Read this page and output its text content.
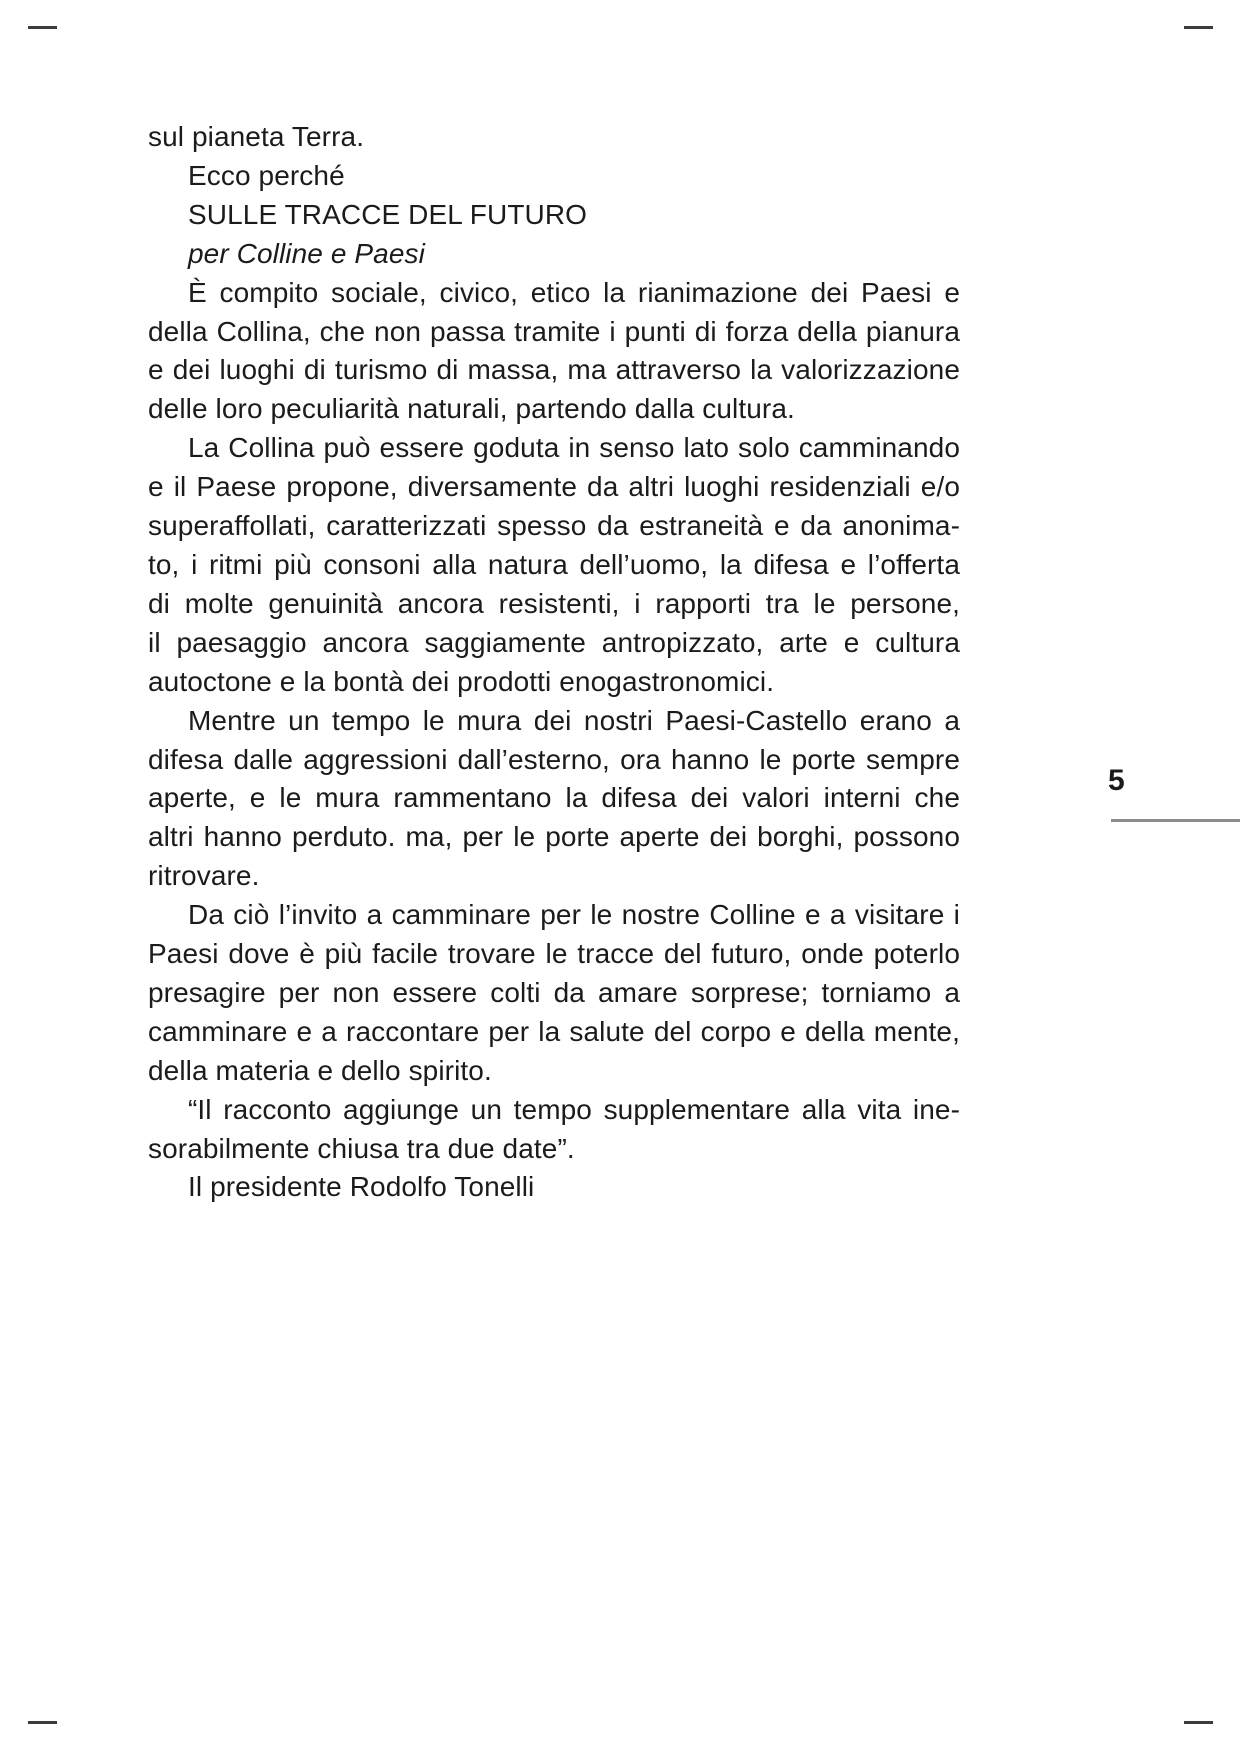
sul pianeta Terra.
Ecco perché
SULLE TRACCE DEL FUTURO
per Colline e Paesi
È compito sociale, civico, etico la rianimazione dei Paesi e
della Collina, che non passa tramite i punti di forza della pianura
e dei luoghi di turismo di massa, ma attraverso la valorizzazione
delle loro peculiarità naturali, partendo dalla cultura.
La Collina può essere goduta in senso lato solo camminando
e il Paese propone, diversamente da altri luoghi residenziali e/o
superaffollati, caratterizzati spesso da estraneità e da anonima-
to, i ritmi più consoni alla natura dell’uomo, la difesa e l’offerta
di molte genuinità ancora resistenti, i rapporti tra le persone,
il paesaggio ancora saggiamente antropizzato, arte e cultura
autoctone e la bontà dei prodotti enogastronomici.
Mentre un tempo le mura dei nostri Paesi-Castello erano a
difesa dalle aggressioni dall’esterno, ora hanno le porte sempre
aperte, e le mura rammentano la difesa dei valori interni che
altri hanno perduto. ma, per le porte aperte dei borghi, possono
ritrovare.
Da ciò l’invito a camminare per le nostre Colline e a visitare i
Paesi dove è più facile trovare le tracce del futuro, onde poterlo
presagire per non essere colti da amare sorprese; torniamo a
camminare e a raccontare per la salute del corpo e della mente,
della materia e dello spirito.
“Il racconto aggiunge un tempo supplementare alla vita ine-
sorabilmente chiusa tra due date”.
Il presidente Rodolfo Tonelli
5
